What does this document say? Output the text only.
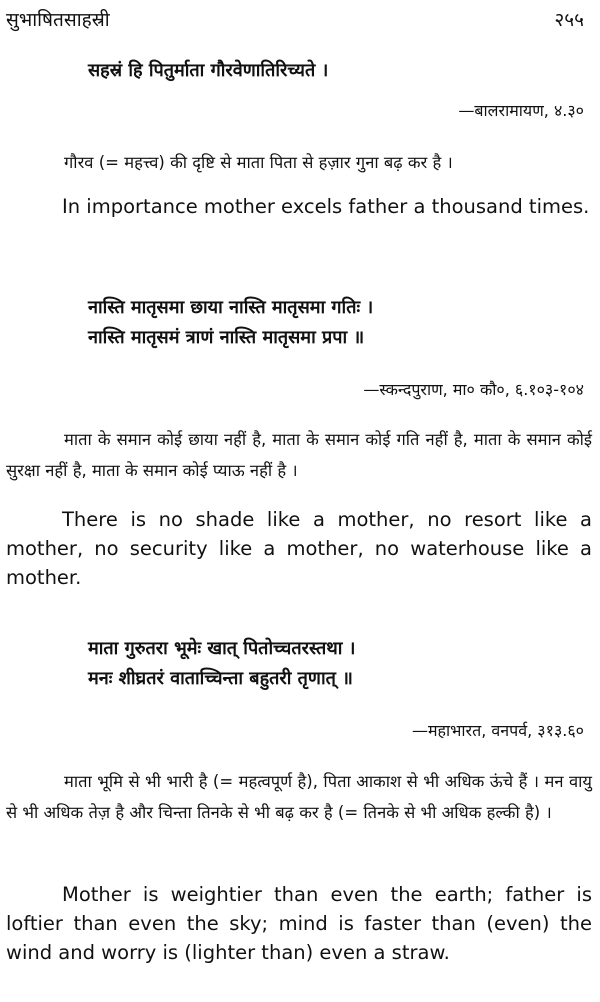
सुभाषितसाहस्री	२५५
सहस्रं हि पितुर्माता गौरवेणातिरिच्यते ।
—बालरामायण, ४.३०
गौरव (= महत्त्व) की दृष्टि से माता पिता से हज़ार गुना बढ़ कर है ।
In importance mother excels father a thousand times.
नास्ति मातृसमा छाया नास्ति मातृसमा गतिः ।
नास्ति मातृसमं त्राणं नास्ति मातृसमा प्रपा ॥
—स्कन्दपुराण, मा० कौ०, ६.१०३-१०४
माता के समान कोई छाया नहीं है, माता के समान कोई गति नहीं है, माता के समान कोई सुरक्षा नहीं है, माता के समान कोई प्याऊ नहीं है ।
There is no shade like a mother, no resort like a mother, no security like a mother, no waterhouse like a mother.
माता गुरुतरा भूमेः खात् पितोच्चतरस्तथा ।
मनः शीघ्रतरं वाताच्चिन्ता बहुतरी तृणात् ॥
—महाभारत, वनपर्व, ३१३.६०
माता भूमि से भी भारी है (= महत्वपूर्ण है), पिता आकाश से भी अधिक ऊंचे हैं । मन वायु से भी अधिक तेज़ है और चिन्ता तिनके से भी बढ़ कर है (= तिनके से भी अधिक हल्की है) ।
Mother is weightier than even the earth; father is loftier than even the sky; mind is faster than (even) the wind and worry is (lighter than) even a straw.
